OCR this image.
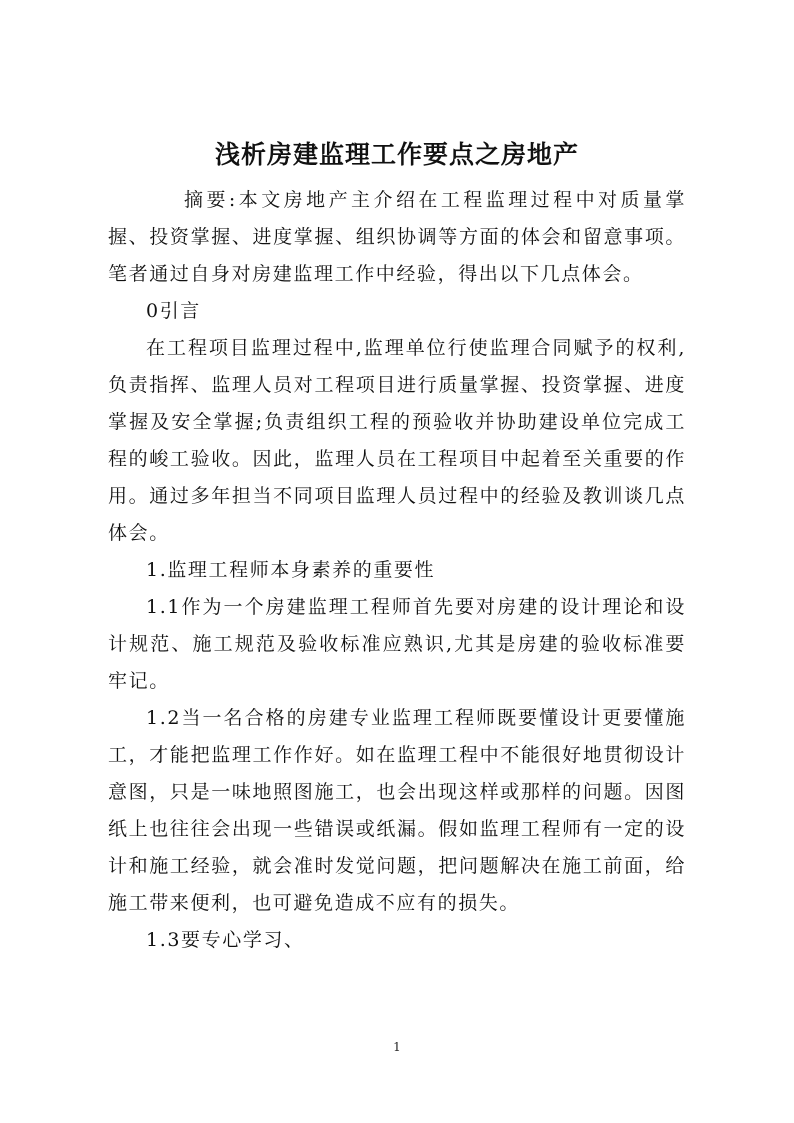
浅析房建监理工作要点之房地产

摘要:本文房地产主介绍在工程监理过程中对质量掌握、投资掌握、进度掌握、组织协调等方面的体会和留意事项。笔者通过自身对房建监理工作中经验，得出以下几点体会。

0引言

在工程项目监理过程中,监理单位行使监理合同赋予的权利,负责指挥、监理人员对工程项目进行质量掌握、投资掌握、进度掌握及安全掌握;负责组织工程的预验收并协助建设单位完成工程的峻工验收。因此，监理人员在工程项目中起着至关重要的作用。通过多年担当不同项目监理人员过程中的经验及教训谈几点体会。

1.监理工程师本身素养的重要性

1.1作为一个房建监理工程师首先要对房建的设计理论和设计规范、施工规范及验收标准应熟识,尤其是房建的验收标准要牢记。

1.2当一名合格的房建专业监理工程师既要懂设计更要懂施工，才能把监理工作作好。如在监理工程中不能很好地贯彻设计意图，只是一味地照图施工，也会出现这样或那样的问题。因图纸上也往往会出现一些错误或纸漏。假如监理工程师有一定的设计和施工经验，就会准时发觉问题，把问题解决在施工前面，给施工带来便利，也可避免造成不应有的损失。

1.3要专心学习、

1
